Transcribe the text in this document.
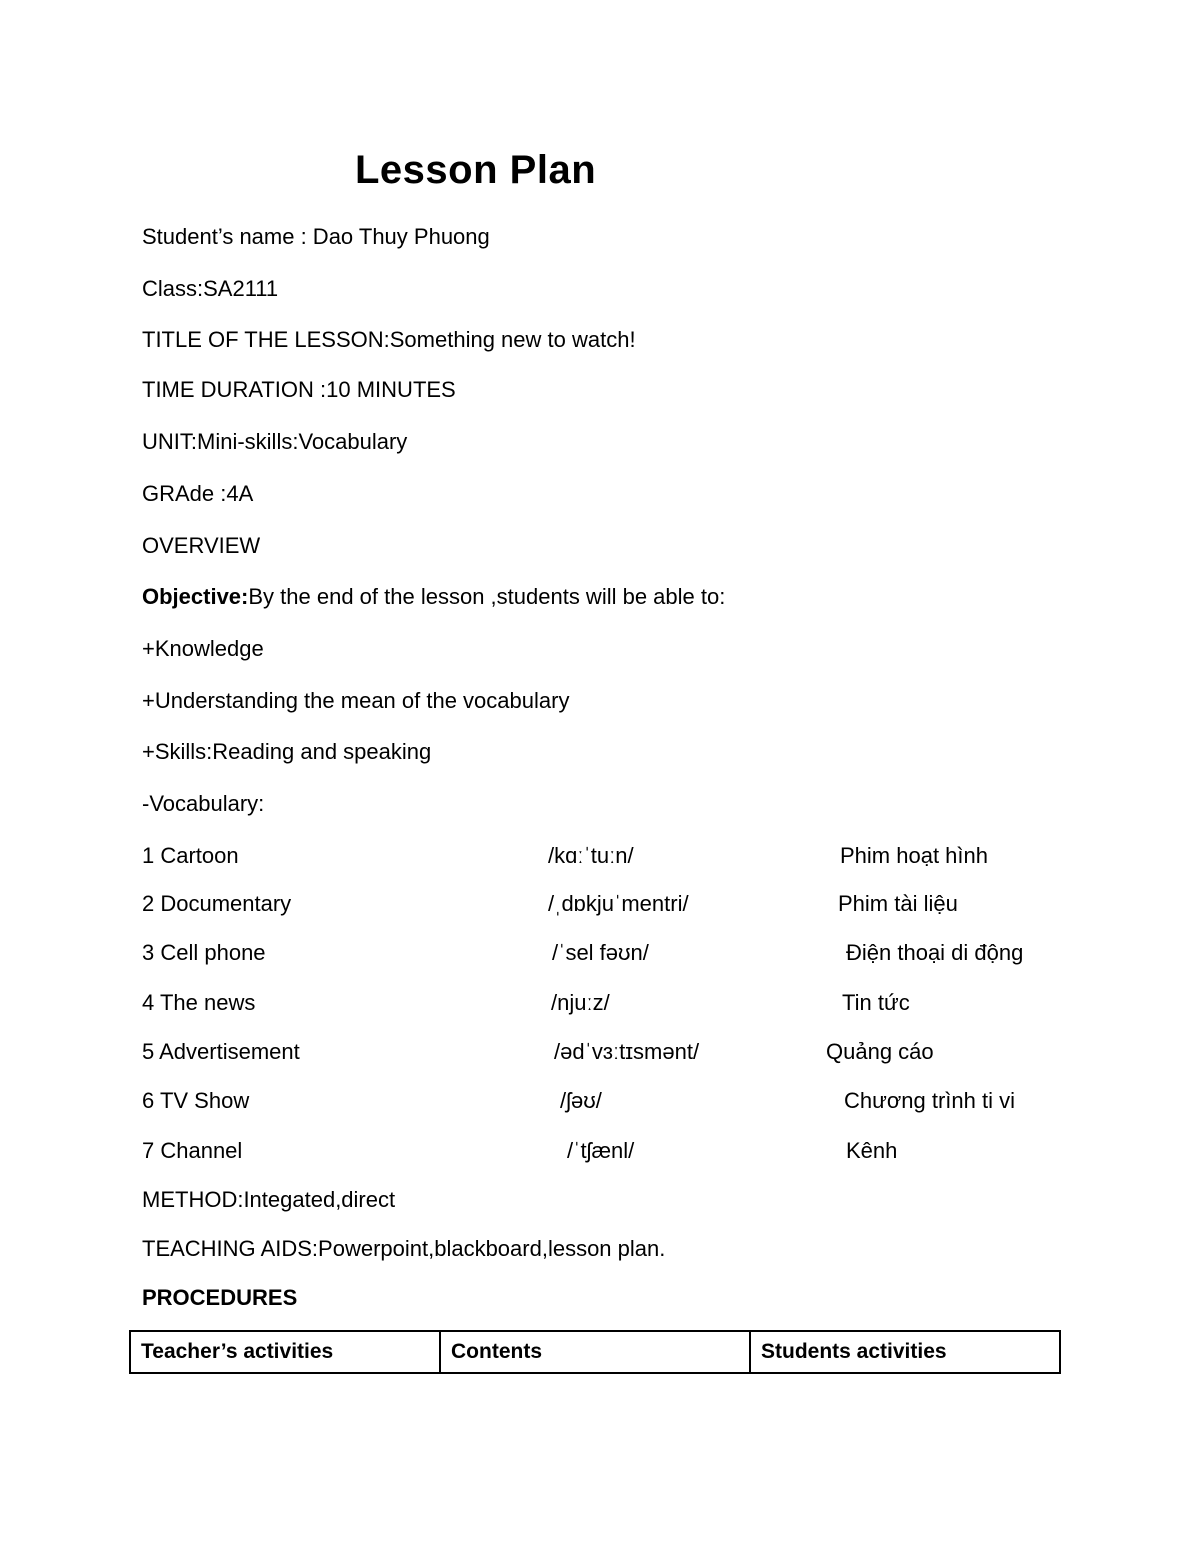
Lesson Plan
Student’s name : Dao Thuy Phuong
Class:SA2111
TITLE OF THE LESSON:Something new to watch!
TIME DURATION :10 MINUTES
UNIT:Mini-skills:Vocabulary
GRAde :4A
OVERVIEW
Objective:By the end of the lesson ,students will be able to:
+Knowledge
+Understanding the mean of the vocabulary
+Skills:Reading and speaking
-Vocabulary:
1 Cartoon	/kɑːˈtuːn/	Phim hoạt hình
2 Documentary	/ˌdɒkjuˈmentri/	Phim tài liệu
3 Cell phone	/ˈsel fəʊn/	Điện thoại di động
4 The news	/njuːz/	Tin tức
5 Advertisement	/ədˈvɜːtɪsmənt/	Quảng cáo
6 TV Show	/ʃəʊ/	Chương trình ti vi
7 Channel	/ˈtʃænl/	Kênh
METHOD:Integated,direct
TEACHING AIDS:Powerpoint,blackboard,lesson plan.
PROCEDURES
Teacher’s activities	Contents	Students activities
